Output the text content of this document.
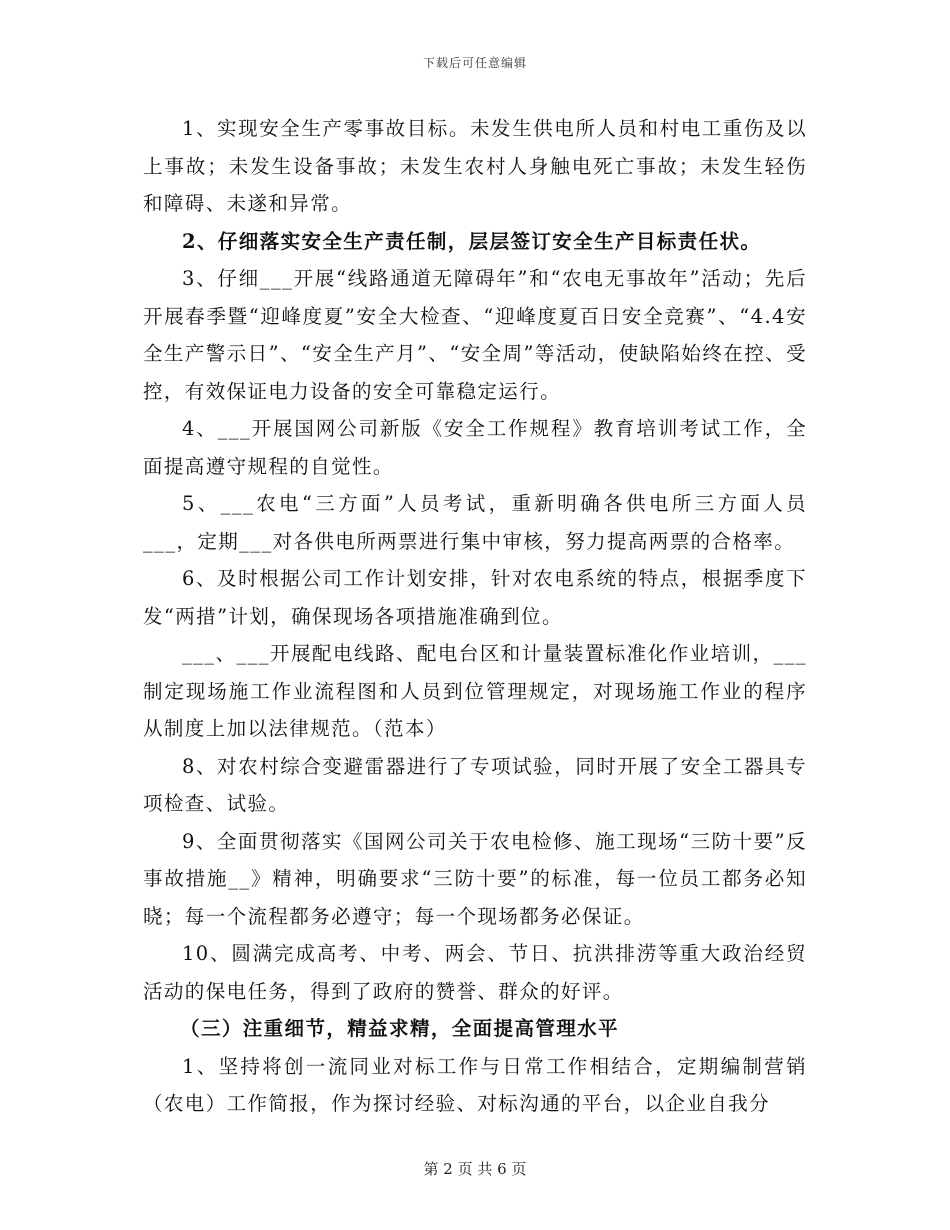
下载后可任意编辑

1、实现安全生产零事故目标。未发生供电所人员和村电工重伤及以上事故；未发生设备事故；未发生农村人身触电死亡事故；未发生轻伤和障碍、未遂和异常。

2、仔细落实安全生产责任制，层层签订安全生产目标责任状。

3、仔细___开展“线路通道无障碍年”和“农电无事故年”活动；先后开展春季暨“迎峰度夏”安全大检查、“迎峰度夏百日安全竞赛”、“4.4安全生产警示日”、“安全生产月”、“安全周”等活动，使缺陷始终在控、受控，有效保证电力设备的安全可靠稳定运行。

4、___开展国网公司新版《安全工作规程》教育培训考试工作，全面提高遵守规程的自觉性。

5、___农电“三方面”人员考试，重新明确各供电所三方面人员___，定期___对各供电所两票进行集中审核，努力提高两票的合格率。

6、及时根据公司工作计划安排，针对农电系统的特点，根据季度下发“两措”计划，确保现场各项措施准确到位。

___、___开展配电线路、配电台区和计量装置标准化作业培训，___制定现场施工作业流程图和人员到位管理规定，对现场施工作业的程序从制度上加以法律规范。（范本）

8、对农村综合变避雷器进行了专项试验，同时开展了安全工器具专项检查、试验。

9、全面贯彻落实《国网公司关于农电检修、施工现场“三防十要”反事故措施__》精神，明确要求“三防十要”的标准，每一位员工都务必知晓；每一个流程都务必遵守；每一个现场都务必保证。

10、圆满完成高考、中考、两会、节日、抗洪排涝等重大政治经贸活动的保电任务，得到了政府的赞誉、群众的好评。

（三）注重细节，精益求精，全面提高管理水平

1、坚持将创一流同业对标工作与日常工作相结合，定期编制营销（农电）工作简报，作为探讨经验、对标沟通的平台，以企业自我分

第 2 页 共 6 页
